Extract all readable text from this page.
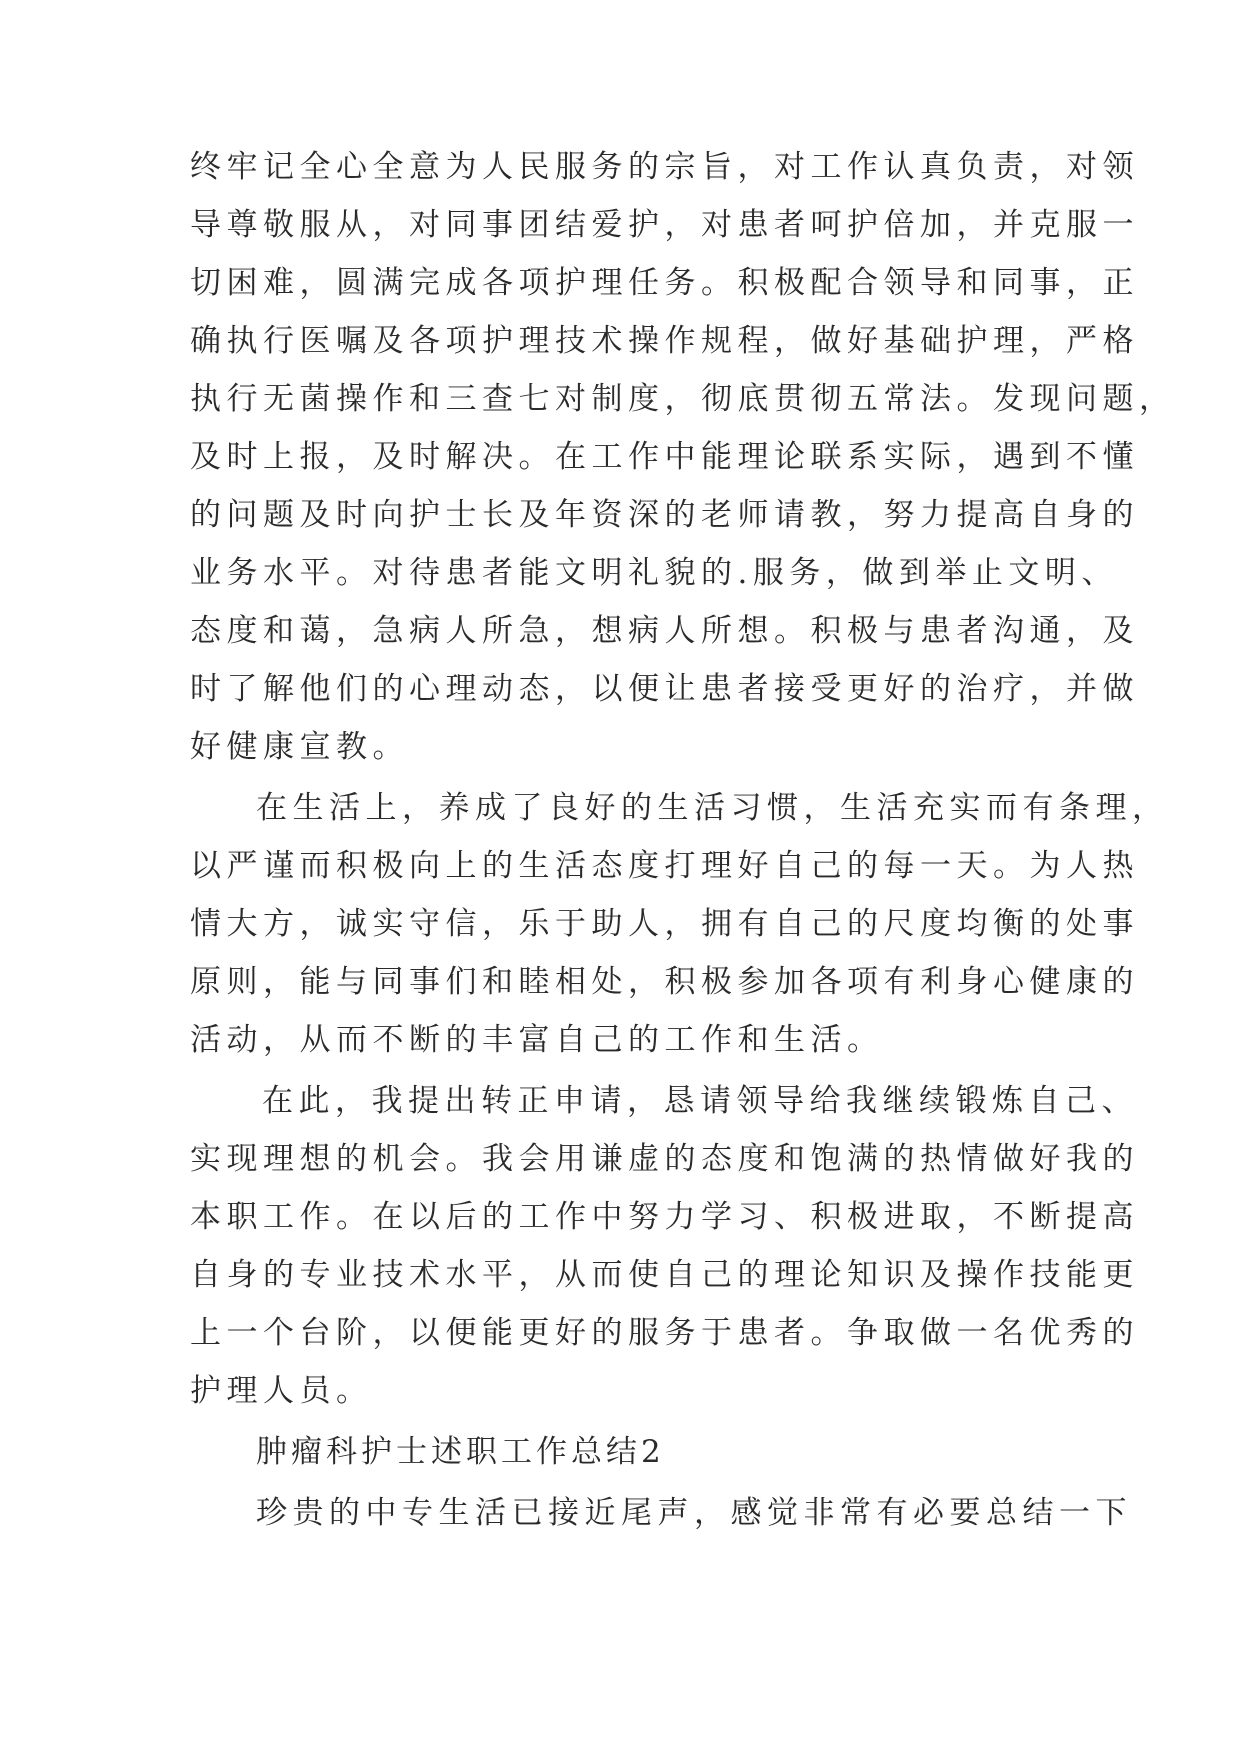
终牢记全心全意为人民服务的宗旨，对工作认真负责，对领
导尊敬服从，对同事团结爱护，对患者呵护倍加，并克服一
切困难，圆满完成各项护理任务。积极配合领导和同事，正
确执行医嘱及各项护理技术操作规程，做好基础护理，严格
执行无菌操作和三查七对制度，彻底贯彻五常法。发现问题，
及时上报，及时解决。在工作中能理论联系实际，遇到不懂
的问题及时向护士长及年资深的老师请教，努力提高自身的
业务水平。对待患者能文明礼貌的.服务，做到举止文明、
态度和蔼，急病人所急，想病人所想。积极与患者沟通，及
时了解他们的心理动态，以便让患者接受更好的治疗，并做
好健康宣教。
在生活上，养成了良好的生活习惯，生活充实而有条理，
以严谨而积极向上的生活态度打理好自己的每一天。为人热
情大方，诚实守信，乐于助人，拥有自己的尺度均衡的处事
原则，能与同事们和睦相处，积极参加各项有利身心健康的
活动，从而不断的丰富自己的工作和生活。
在此，我提出转正申请，恳请领导给我继续锻炼自己、
实现理想的机会。我会用谦虚的态度和饱满的热情做好我的
本职工作。在以后的工作中努力学习、积极进取，不断提高
自身的专业技术水平，从而使自己的理论知识及操作技能更
上一个台阶，以便能更好的服务于患者。争取做一名优秀的
护理人员。
肿瘤科护士述职工作总结2
珍贵的中专生活已接近尾声，感觉非常有必要总结一下
